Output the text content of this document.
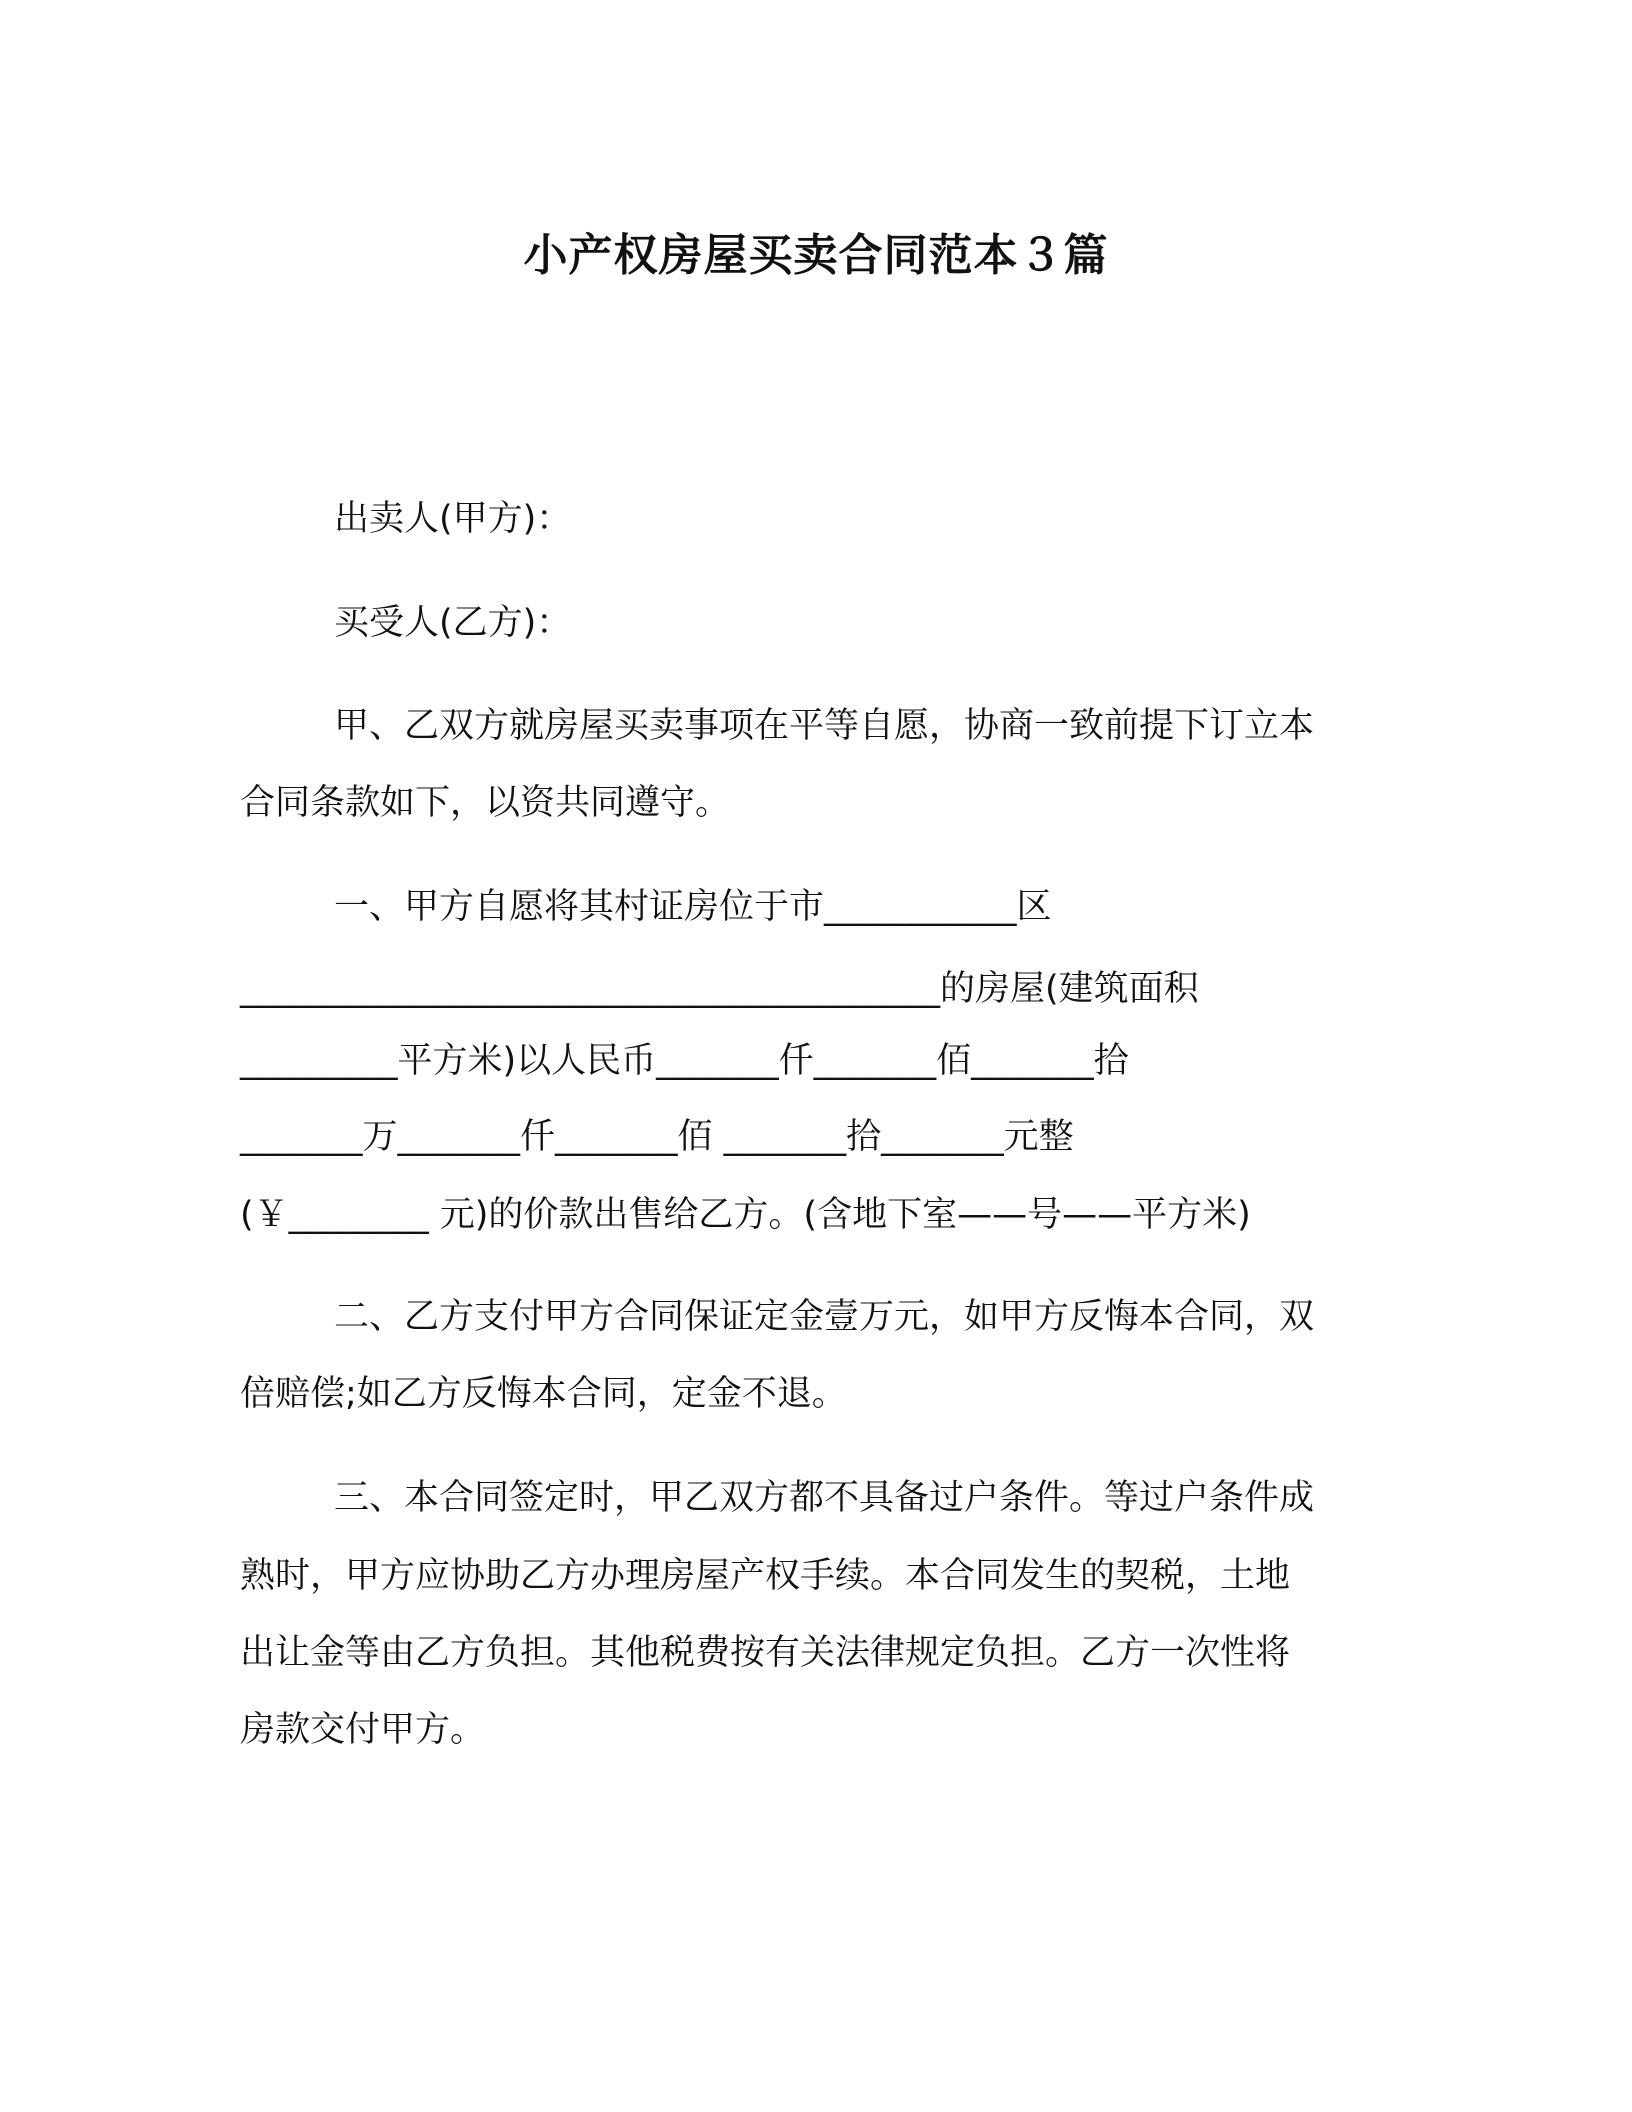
小产权房屋买卖合同范本３篇
出卖人(甲方)：
买受人(乙方)：
甲、乙双方就房屋买卖事项在平等自愿，协商一致前提下订立本
合同条款如下，以资共同遵守。
一、甲方自愿将其村证房位于市___________区
________________________________________的房屋(建筑面积
_________平方米)以人民币_______仟_______佰_______拾
_______万_______仟_______佰 _______拾_______元整
(￥________ 元)的价款出售给乙方。(含地下室——号——平方米)
二、乙方支付甲方合同保证定金壹万元，如甲方反悔本合同，双
倍赔偿;如乙方反悔本合同，定金不退。
三、本合同签定时，甲乙双方都不具备过户条件。等过户条件成
熟时，甲方应协助乙方办理房屋产权手续。本合同发生的契税，土地
出让金等由乙方负担。其他税费按有关法律规定负担。乙方一次性将
房款交付甲方。
